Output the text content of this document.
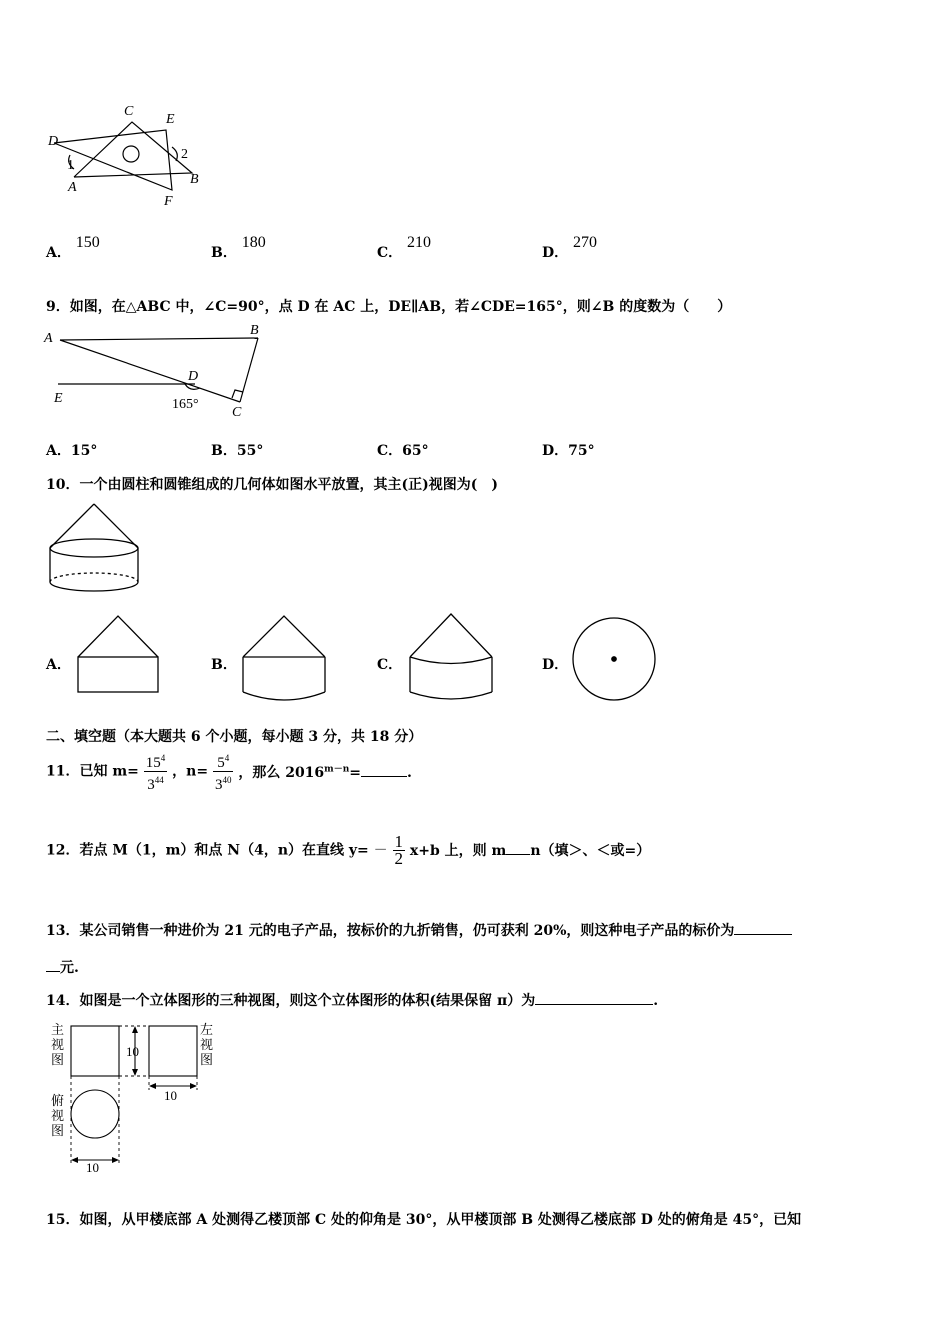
C
E
D
1
2
A
B
F
A． 150
B． 180
C． 210
D． 270
9．如图，在△ABC 中，∠C=90°，点 D 在 AC 上，DE∥AB，若∠CDE=165°，则∠B 的度数为（　　）
A
B
D
E
C
165°
A．15°	B．55°	C．65°	D．75°
10．一个由圆柱和圆锥组成的几何体如图水平放置，其主(正)视图为(　)
A．	B．	C．	D．
二、填空题（本大题共 6 个小题，每小题 3 分，共 18 分）
11．已知 $m= \frac{15^4}{3^{44}}$ ，$n= \frac{5^4}{3^{40}}$ ，那么 $2016^{m-n}=$	.
12．若点 M（1，m）和点 N（4，n）在直线 $y= - \frac{1}{2} x+b$ 上，则 m n（填＞、＜或=）
13．某公司销售一种进价为 21 元的电子产品，按标价的九折销售，仍可获利 20%，则这种电子产品的标价为
元.
14．如图是一个立体图形的三种视图，则这个立体图形的体积(结果保留 π）为	.
10
10
10
主视图
左视图
俯视图
15．如图，从甲楼底部 A 处测得乙楼顶部 C 处的仰角是 30°，从甲楼顶部 B 处测得乙楼底部 D 处的俯角是 45°，已知
